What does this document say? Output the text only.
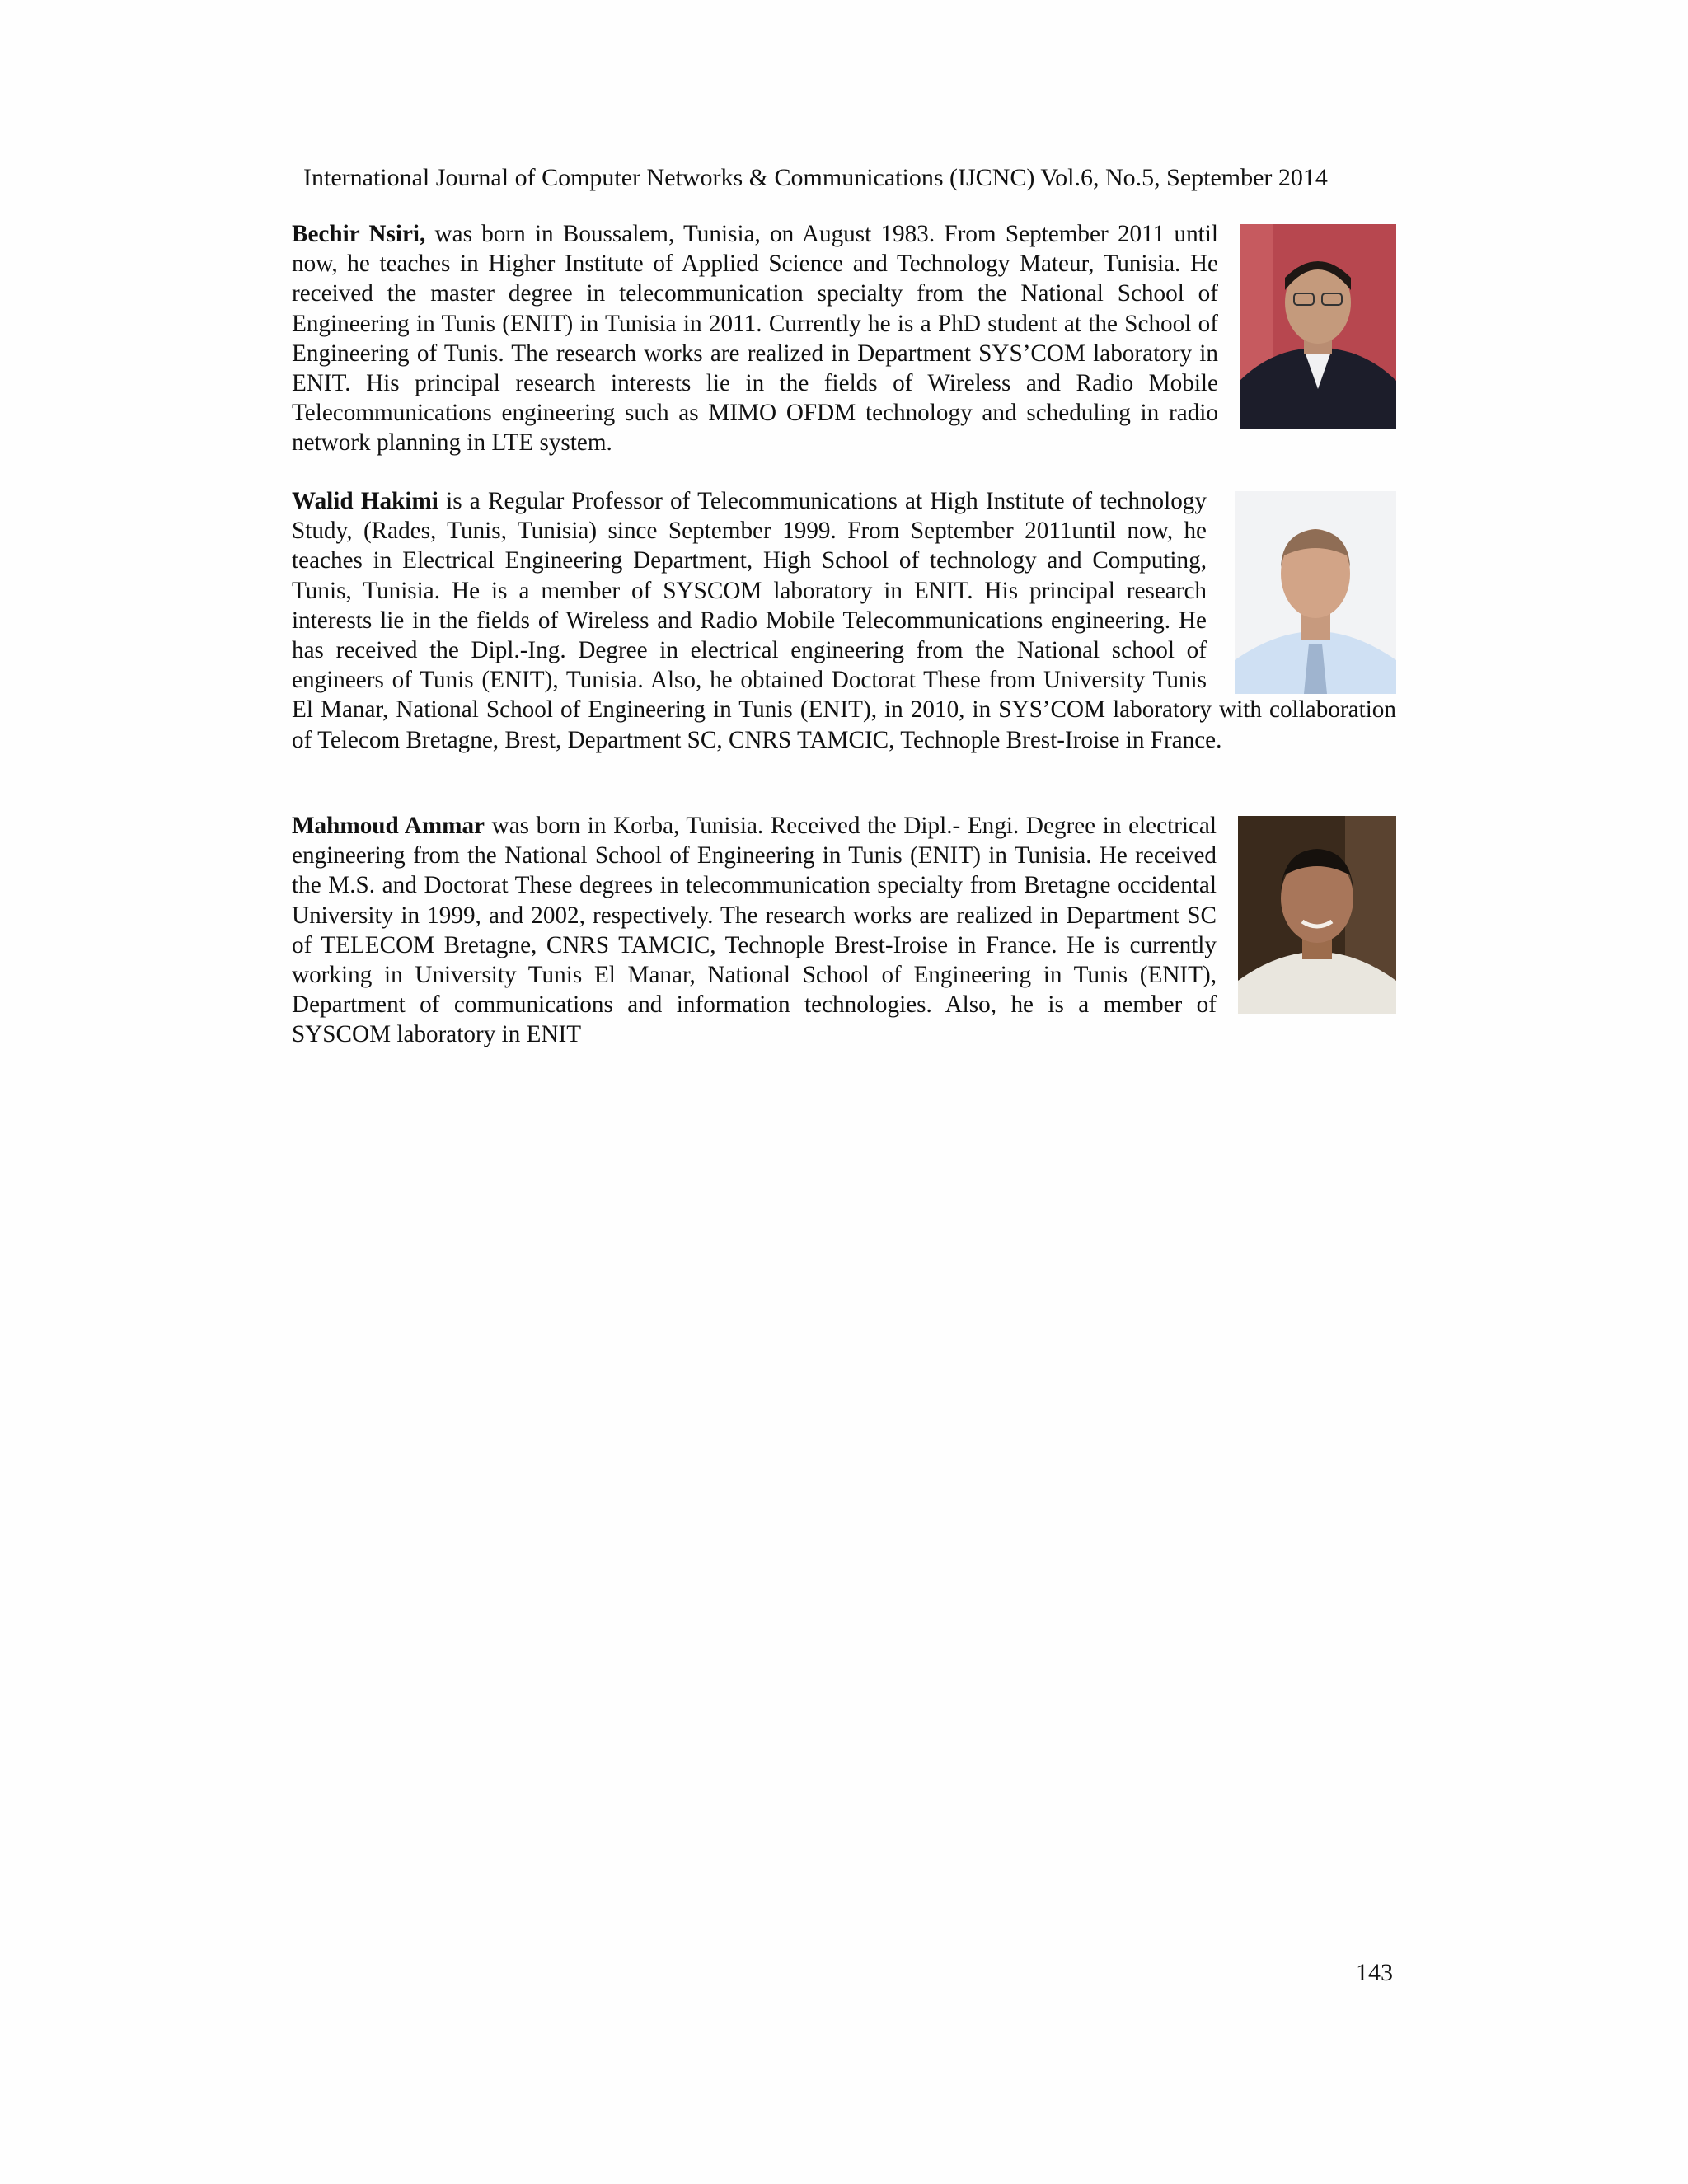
International Journal of Computer Networks & Communications (IJCNC) Vol.6, No.5, September 2014
Bechir Nsiri, was born in Boussalem, Tunisia, on August 1983. From September 2011 until now, he teaches in Higher Institute of Applied Science and Technology Mateur, Tunisia. He received the master degree in telecommunication specialty from the National School of Engineering in Tunis (ENIT) in Tunisia in 2011. Currently he is a PhD student at the School of Engineering of Tunis. The research works are realized in Department SYS’COM laboratory in ENIT. His principal research interests lie in the fields of Wireless and Radio Mobile Telecommunications engineering such as MIMO OFDM technology and scheduling in radio network planning in LTE system.
Walid Hakimi is a Regular Professor of Telecommunications at High Institute of technology Study, (Rades, Tunis, Tunisia) since September 1999. From September 2011until now, he teaches in Electrical Engineering Department, High School of technology and Computing, Tunis, Tunisia. He is a member of SYSCOM laboratory in ENIT. His principal research interests lie in the fields of Wireless and Radio Mobile Telecommunications engineering. He has received the Dipl.-Ing. Degree in electrical engineering from the National school of engineers of Tunis (ENIT), Tunisia. Also, he obtained Doctorat These from University Tunis El Manar, National School of Engineering in Tunis (ENIT), in 2010, in SYS’COM laboratory with collaboration of Telecom Bretagne, Brest, Department SC, CNRS TAMCIC, Technople Brest-Iroise in France.
Mahmoud Ammar was born in Korba, Tunisia. Received the Dipl.- Engi. Degree in electrical engineering from the National School of Engineering in Tunis (ENIT) in Tunisia. He received the M.S. and Doctorat These degrees in telecommunication specialty from Bretagne occidental University in 1999, and 2002, respectively. The research works are realized in Department SC of TELECOM Bretagne, CNRS TAMCIC, Technople Brest-Iroise in France. He is currently working in University Tunis El Manar, National School of Engineering in Tunis (ENIT), Department of communications and information technologies. Also, he is a member of SYSCOM laboratory in ENIT
143
